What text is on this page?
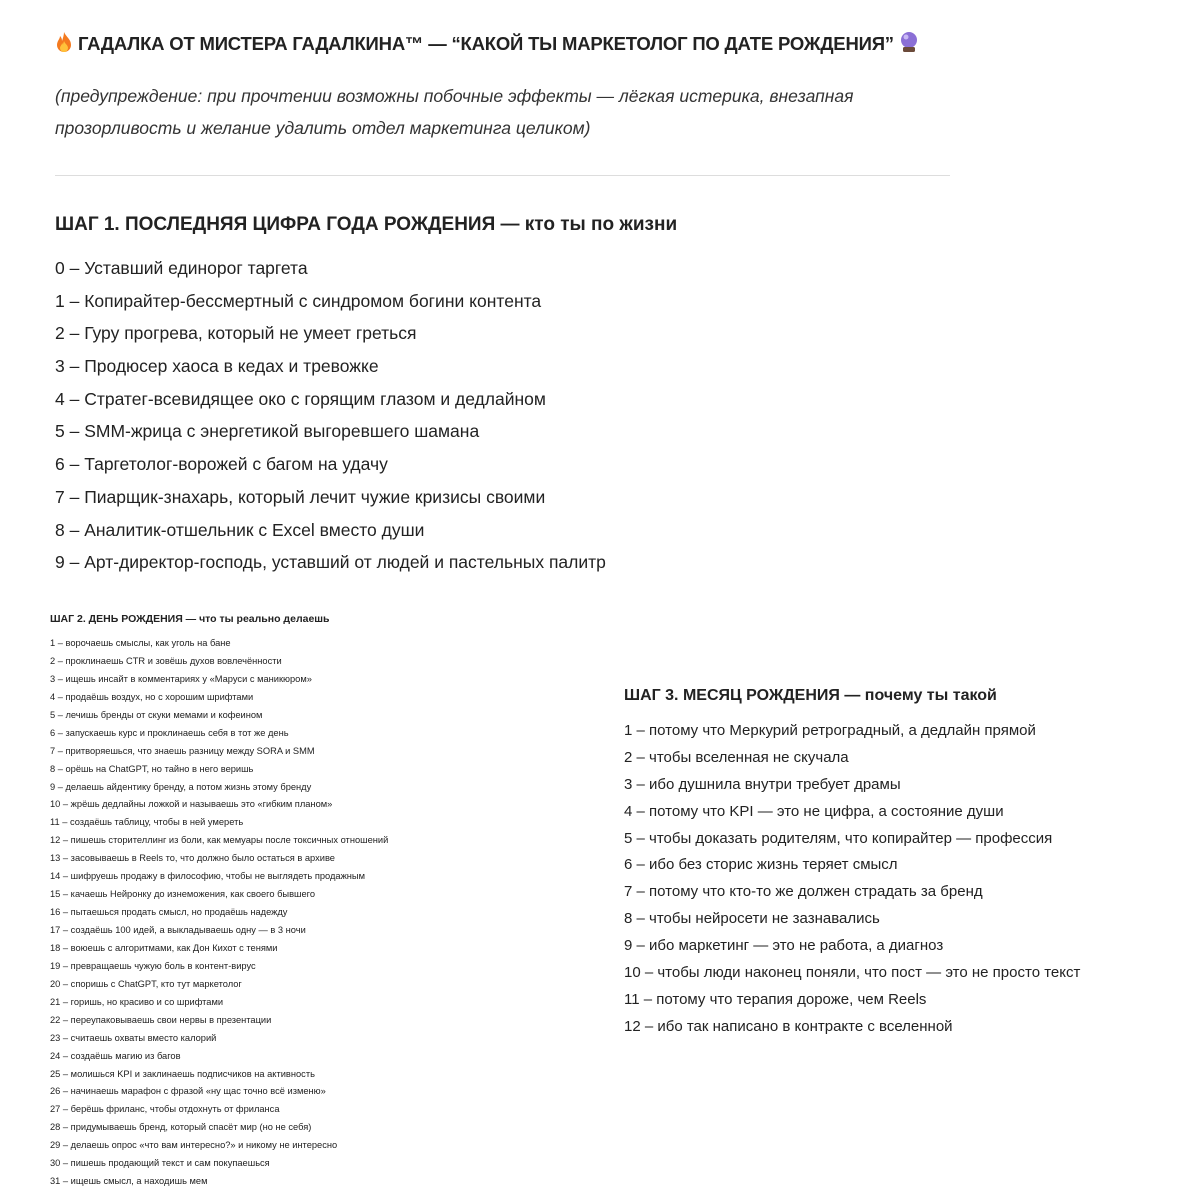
ГАДАЛКА ОТ МИСТЕРА ГАДАЛКИНА™ — “КАКОЙ ТЫ МАРКЕТОЛОГ ПО ДАТЕ РОЖДЕНИЯ”
(предупреждение: при прочтении возможны побочные эффекты — лёгкая истерика, внезапная прозорливость и желание удалить отдел маркетинга целиком)
ШАГ 1. ПОСЛЕДНЯЯ ЦИФРА ГОДА РОЖДЕНИЯ — кто ты по жизни
0 – Уставший единорог таргета
1 – Копирайтер-бессмертный с синдромом богини контента
2 – Гуру прогрева, который не умеет греться
3 – Продюсер хаоса в кедах и тревожке
4 – Стратег-всевидящее око с горящим глазом и дедлайном
5 – SMM-жрица с энергетикой выгоревшего шамана
6 – Таргетолог-ворожей с багом на удачу
7 – Пиарщик-знахарь, который лечит чужие кризисы своими
8 – Аналитик-отшельник с Excel вместо души
9 – Арт-директор-господь, уставший от людей и пастельных палитр
ШАГ 2. ДЕНЬ РОЖДЕНИЯ — что ты реально делаешь
1 – ворочаешь смыслы, как уголь на бане
2 – проклинаешь CTR и зовёшь духов вовлечённости
3 – ищешь инсайт в комментариях у «Маруси с маникюром»
4 – продаёшь воздух, но с хорошим шрифтами
5 – лечишь бренды от скуки мемами и кофеином
6 – запускаешь курс и проклинаешь себя в тот же день
7 – притворяешься, что знаешь разницу между SORA и SMM
8 – орёшь на ChatGPT, но тайно в него веришь
9 – делаешь айдентику бренду, а потом жизнь этому бренду
10 – жрёшь дедлайны ложкой и называешь это «гибким планом»
11 – создаёшь таблицу, чтобы в ней умереть
12 – пишешь сторителлинг из боли, как мемуары после токсичных отношений
13 – засовываешь в Reels то, что должно было остаться в архиве
14 – шифруешь продажу в философию, чтобы не выглядеть продажным
15 – качаешь Нейронку до изнеможения, как своего бывшего
16 – пытаешься продать смысл, но продаёшь надежду
17 – создаёшь 100 идей, а выкладываешь одну — в 3 ночи
18 – воюешь с алгоритмами, как Дон Кихот с тенями
19 – превращаешь чужую боль в контент-вирус
20 – споришь с ChatGPT, кто тут маркетолог
21 – горишь, но красиво и со шрифтами
22 – переупаковываешь свои нервы в презентации
23 – считаешь охваты вместо калорий
24 – создаёшь магию из багов
25 – молишься KPI и заклинаешь подписчиков на активность
26 – начинаешь марафон с фразой «ну щас точно всё изменю»
27 – берёшь фриланс, чтобы отдохнуть от фриланса
28 – придумываешь бренд, который спасёт мир (но не себя)
29 – делаешь опрос «что вам интересно?» и никому не интересно
30 – пишешь продающий текст и сам покупаешься
31 – ищешь смысл, а находишь мем
ШАГ 3. МЕСЯЦ РОЖДЕНИЯ — почему ты такой
1 – потому что Меркурий ретроградный, а дедлайн прямой
2 – чтобы вселенная не скучала
3 – ибо душнила внутри требует драмы
4 – потому что KPI — это не цифра, а состояние души
5 – чтобы доказать родителям, что копирайтер — профессия
6 – ибо без сторис жизнь теряет смысл
7 – потому что кто-то же должен страдать за бренд
8 – чтобы нейросети не зазнавались
9 – ибо маркетинг — это не работа, а диагноз
10 – чтобы люди наконец поняли, что пост — это не просто текст
11 – потому что терапия дороже, чем Reels
12 – ибо так написано в контракте с вселенной
